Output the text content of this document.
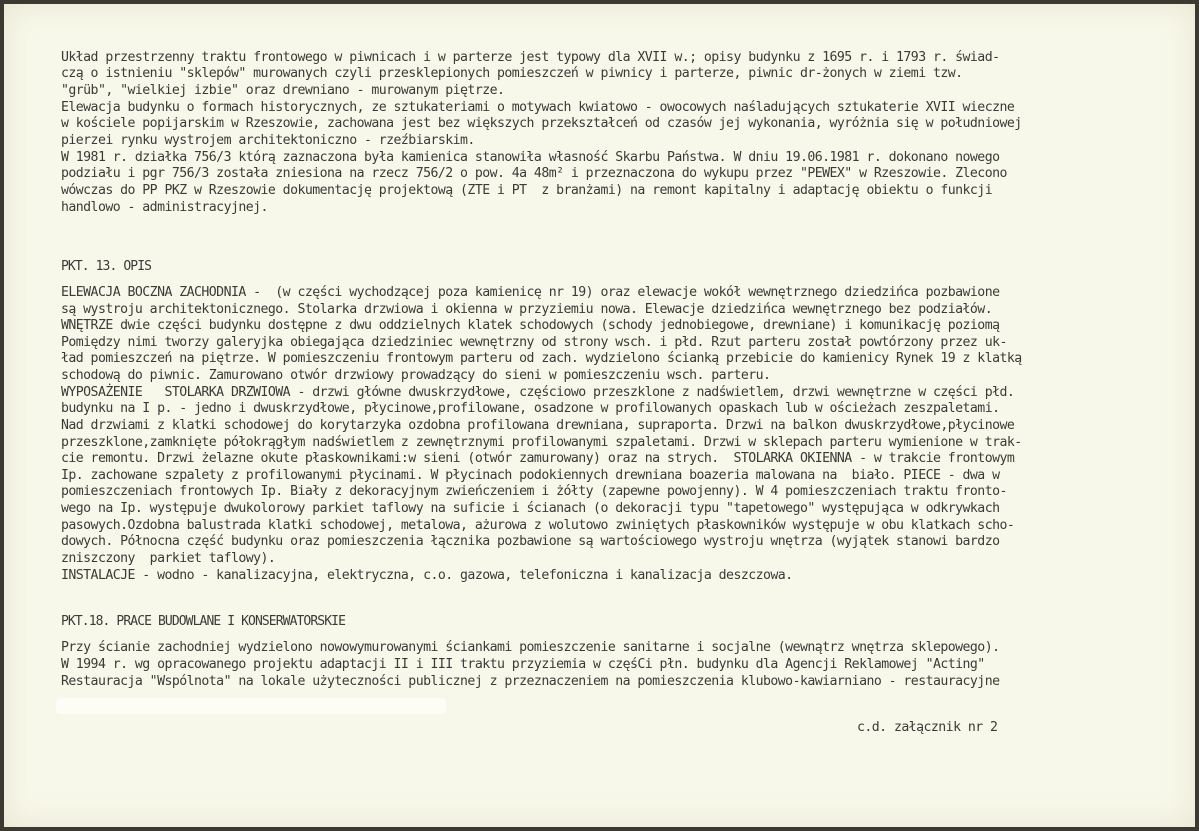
Układ przestrzenny traktu frontowego w piwnicach i w parterze jest typowy dla XVII w.; opisy budynku z 1695 r. i 1793 r. świad-
czą o istnieniu "sklepów" murowanych czyli przesklepionych pomieszczeń w piwnicy i parterze, piwnic dr-żonych w ziemi tzw.
"grüb", "wielkiej izbie" oraz drewniano - murowanym piętrze.
Elewacja budynku o formach historycznych, ze sztukateriami o motywach kwiatowo - owocowych naśladujących sztukaterie XVII wieczne
w kościele popijarskim w Rzeszowie, zachowana jest bez większych przekształceń od czasów jej wykonania, wyróżnia się w południowej
pierzei rynku wystrojem architektoniczno - rzeźbiarskim.
W 1981 r. działka 756/3 którą zaznaczona była kamienica stanowiła własność Skarbu Państwa. W dniu 19.06.1981 r. dokonano nowego
podziału i pgr 756/3 została zniesiona na rzecz 756/2 o pow. 4a 48m² i przeznaczona do wykupu przez "PEWEX" w Rzeszowie. Zlecono
wówczas do PP PKZ w Rzeszowie dokumentację projektową (ZTE i PT  z branżami) na remont kapitalny i adaptację obiektu o funkcji
handlowo - administracyjnej.
PKT. 13. OPIS
ELEWACJA BOCZNA ZACHODNIA -  (w części wychodzącej poza kamienicę nr 19) oraz elewacje wokół wewnętrznego dziedzińca pozbawione
są wystroju architektonicznego. Stolarka drzwiowa i okienna w przyziemiu nowa. Elewacje dziedzińca wewnętrznego bez podziałów.
WNĘTRZE dwie części budynku dostępne z dwu oddzielnych klatek schodowych (schody jednobiegowe, drewniane) i komunikację poziomą
Pomiędzy nimi tworzy galeryjka obiegająca dziedziniec wewnętrzny od strony wsch. i płd. Rzut parteru został powtórzony przez uk-
ład pomieszczeń na piętrze. W pomieszczeniu frontowym parteru od zach. wydzielono ścianką przebicie do kamienicy Rynek 19 z klatką
schodową do piwnic. Zamurowano otwór drzwiowy prowadzący do sieni w pomieszczeniu wsch. parteru.
WYPOSAŻENIE   STOLARKA DRZWIOWA - drzwi główne dwuskrzydłowe, częściowo przeszklone z nadświetlem, drzwi wewnętrzne w części płd.
budynku na I p. - jedno i dwuskrzydłowe, płycinowe,profilowane, osadzone w profilowanych opaskach lub w ościeżach zeszpaletami.
Nad drzwiami z klatki schodowej do korytarzyka ozdobna profilowana drewniana, supraporta. Drzwi na balkon dwuskrzydłowe,płycinowe
przeszklone,zamknięte półokrągłym nadświetlem z zewnętrznymi profilowanymi szpaletami. Drzwi w sklepach parteru wymienione w trak-
cie remontu. Drzwi żelazne okute płaskownikami:w sieni (otwór zamurowany) oraz na strych.  STOLARKA OKIENNA - w trakcie frontowym
Ip. zachowane szpalety z profilowanymi płycinami. W płycinach podokiennych drewniana boazeria malowana na  biało. PIECE - dwa w
pomieszczeniach frontowych Ip. Biały z dekoracyjnym zwieńczeniem i żółty (zapewne powojenny). W 4 pomieszczeniach traktu fronto-
wego na Ip. występuje dwukolorowy parkiet taflowy na suficie i ścianach (o dekoracji typu "tapetowego" występująca w odkrywkach
pasowych.Ozdobna balustrada klatki schodowej, metalowa, ażurowa z wolutowo zwiniętych płaskowników występuje w obu klatkach scho-
dowych. Północna część budynku oraz pomieszczenia łącznika pozbawione są wartościowego wystroju wnętrza (wyjątek stanowi bardzo
zniszczony  parkiet taflowy).
INSTALACJE - wodno - kanalizacyjna, elektryczna, c.o. gazowa, telefoniczna i kanalizacja deszczowa.
PKT.18. PRACE BUDOWLANE I KONSERWATORSKIE
Przy ścianie zachodniej wydzielono nowowymurowanymi ściankami pomieszczenie sanitarne i socjalne (wewnątrz wnętrza sklepowego).
W 1994 r. wg opracowanego projektu adaptacji II i III traktu przyziemia w częśCi płn. budynku dla Agencji Reklamowej "Acting"
Restauracja "Wspólnota" na lokale użyteczności publicznej z przeznaczeniem na pomieszczenia klubowo-kawiarniano - restauracyjne
c.d. załącznik nr 2
